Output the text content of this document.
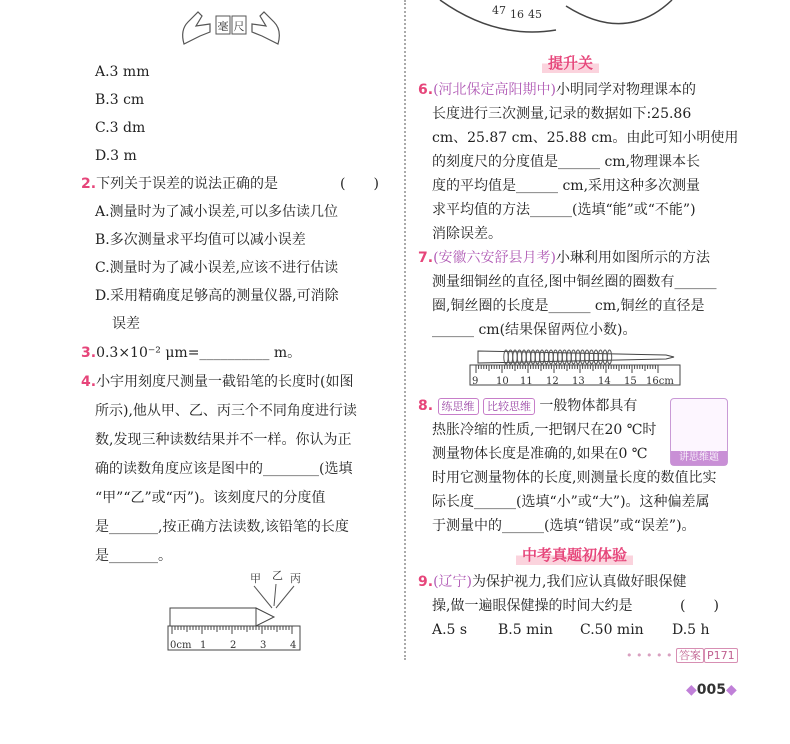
毫 尺
A.3 mm
B.3 cm
C.3 dm
D.3 m
2.下列关于误差的说法正确的是	(　　)
A.测量时为了减小误差,可以多估读几位
B.多次测量求平均值可以减小误差
C.测量时为了减小误差,应该不进行估读
D.采用精确度足够高的测量仪器,可消除
误差
3.0.3×10⁻² μm=__________ m。
4.小宇用刻度尺测量一截铅笔的长度时(如图
所示),他从甲、乙、丙三个不同角度进行读
数,发现三种读数结果并不一样。你认为正
确的读数角度应该是图中的________(选填
“甲”“乙”或“丙”)。该刻度尺的分度值
是_______,按正确方法读数,该铅笔的长度
是_______。
甲 乙 丙
0cm 1 2 3 4
47 16 45
提升关
6.(河北保定高阳期中)小明同学对物理课本的
长度进行三次测量,记录的数据如下:25.86
cm、25.87 cm、25.88 cm。由此可知小明使用
的刻度尺的分度值是______ cm,物理课本长
度的平均值是______ cm,采用这种多次测量
求平均值的方法______(选填“能”或“不能”)
消除误差。
7.(安徽六安舒县月考)小琳利用如图所示的方法
测量细铜丝的直径,图中铜丝圈的圈数有______
圈,铜丝圈的长度是______ cm,铜丝的直径是
______ cm(结果保留两位小数)。
9 10 11 12 13 14 15 16cm
8. 练思维 比较思维 一般物体都具有
热胀冷缩的性质,一把钢尺在20 ℃时
测量物体长度是准确的,如果在0 ℃
时用它测量物体的长度,则测量长度的数值比实
际长度______(选填“小”或“大”)。这种偏差属
于测量中的______(选填“错误”或“误差”)。
讲思维题
中考真题初体验
9.(辽宁)为保护视力,我们应认真做好眼保健
操,做一遍眼保健操的时间大约是	(　　)
A.5 s B.5 min C.50 min D.5 h
• • • • • 答案 P171
◆005◆
